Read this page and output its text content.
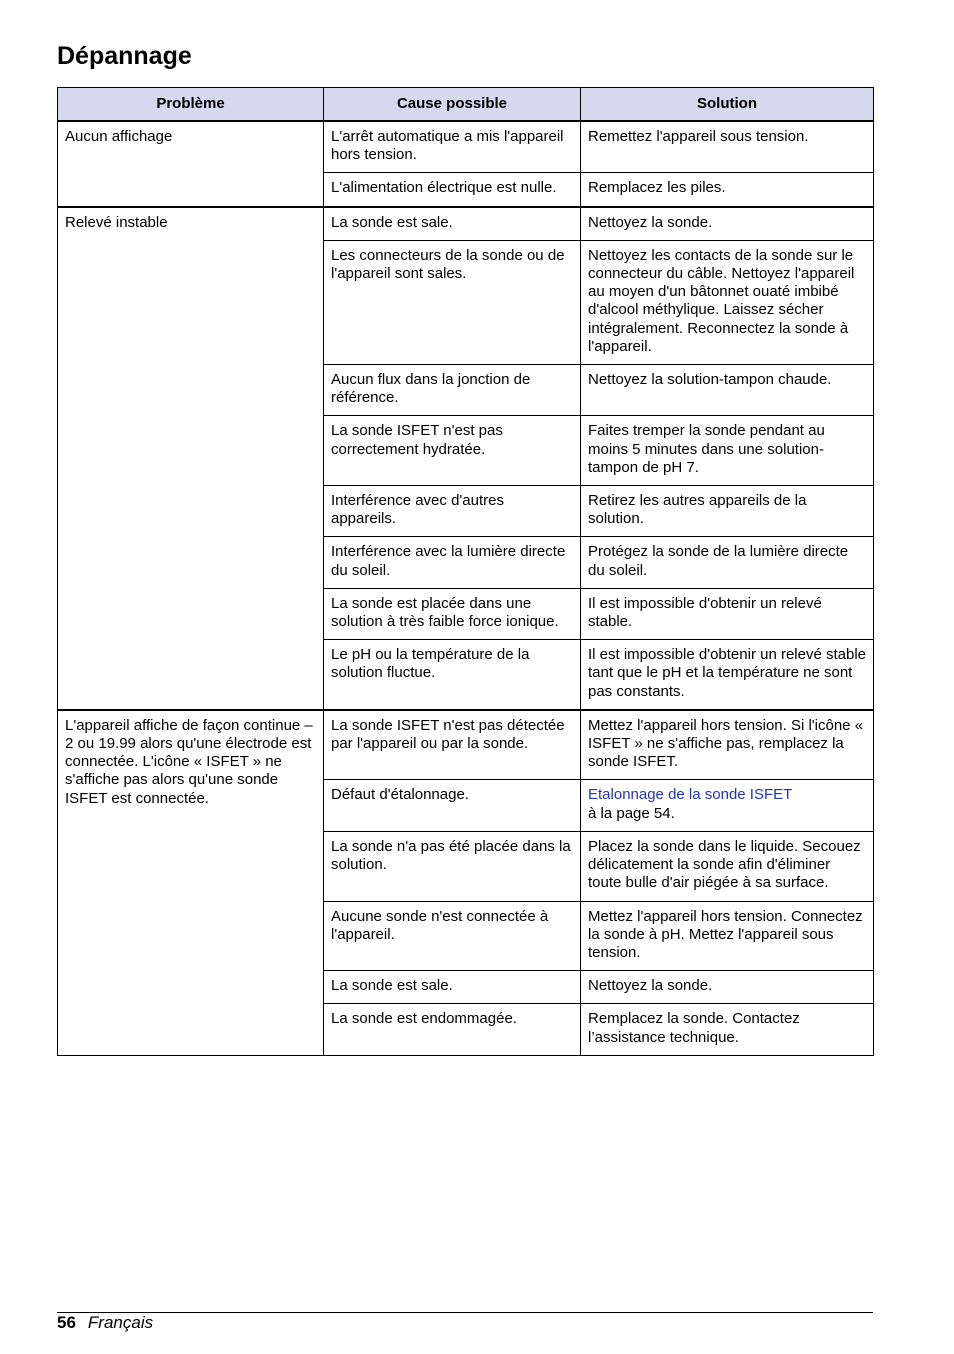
Dépannage
Problème	Cause possible	Solution
Aucun affichage	L'arrêt automatique a mis l'appareil hors tension.	Remettez l'appareil sous tension.
	L'alimentation électrique est nulle.	Remplacez les piles.
Relevé instable	La sonde est sale.	Nettoyez la sonde.
	Les connecteurs de la sonde ou de l'appareil sont sales.	Nettoyez les contacts de la sonde sur le connecteur du câble. Nettoyez l'appareil au moyen d'un bâtonnet ouaté imbibé d'alcool méthylique. Laissez sécher intégralement. Reconnectez la sonde à l'appareil.
	Aucun flux dans la jonction de référence.	Nettoyez la solution-tampon chaude.
	La sonde ISFET n'est pas correctement hydratée.	Faites tremper la sonde pendant au moins 5 minutes dans une solution-tampon de pH 7.
	Interférence avec d'autres appareils.	Retirez les autres appareils de la solution.
	Interférence avec la lumière directe du soleil.	Protégez la sonde de la lumière directe du soleil.
	La sonde est placée dans une solution à très faible force ionique.	Il est impossible d'obtenir un relevé stable.
	Le pH ou la température de la solution fluctue.	Il est impossible d'obtenir un relevé stable tant que le pH et la température ne sont pas constants.
L'appareil affiche de façon continue –2 ou 19.99 alors qu'une électrode est connectée. L'icône « ISFET » ne s'affiche pas alors qu'une sonde ISFET est connectée.	La sonde ISFET n'est pas détectée par l'appareil ou par la sonde.	Mettez l'appareil hors tension. Si l'icône « ISFET » ne s'affiche pas, remplacez la sonde ISFET.
	Défaut d'étalonnage.	Etalonnage de la sonde ISFET
à la page 54.
	La sonde n'a pas été placée dans la solution.	Placez la sonde dans le liquide. Secouez délicatement la sonde afin d'éliminer toute bulle d'air piégée à sa surface.
	Aucune sonde n'est connectée à l'appareil.	Mettez l'appareil hors tension. Connectez la sonde à pH. Mettez l'appareil sous tension.
	La sonde est sale.	Nettoyez la sonde.
	La sonde est endommagée.	Remplacez la sonde. Contactez l’assistance technique.
56 Français
